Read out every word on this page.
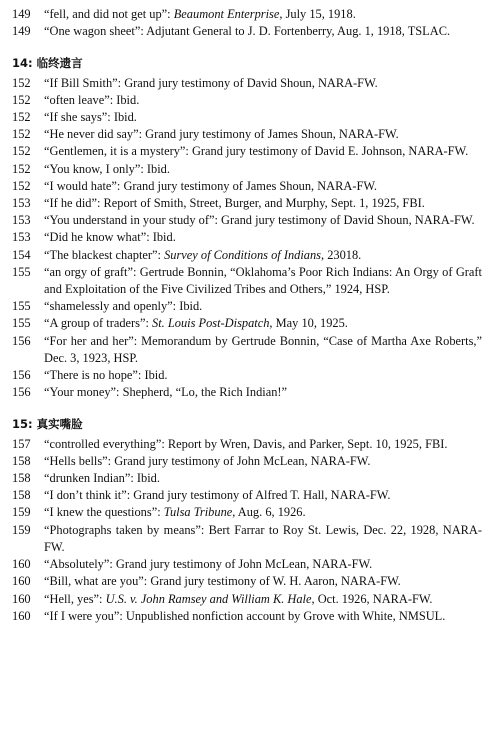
149	“fell, and did not get up”: Beaumont Enterprise, July 15, 1918.
149	“One wagon sheet”: Adjutant General to J. D. Fortenberry, Aug. 1, 1918, TSLAC.
14: 临终遗言
152	“If Bill Smith”: Grand jury testimony of David Shoun, NARA-FW.
152	“often leave”: Ibid.
152	“If she says”: Ibid.
152	“He never did say”: Grand jury testimony of James Shoun, NARA-FW.
152	“Gentlemen, it is a mystery”: Grand jury testimony of David E. Johnson, NARA-FW.
152	“You know, I only”: Ibid.
152	“I would hate”: Grand jury testimony of James Shoun, NARA-FW.
153	“If he did”: Report of Smith, Street, Burger, and Murphy, Sept. 1, 1925, FBI.
153	“You understand in your study of”: Grand jury testimony of David Shoun, NARA-FW.
153	“Did he know what”: Ibid.
154	“The blackest chapter”: Survey of Conditions of Indians, 23018.
155	“an orgy of graft”: Gertrude Bonnin, “Oklahoma’s Poor Rich Indians: An Orgy of Graft and Exploitation of the Five Civilized Tribes and Others,” 1924, HSP.
155	“shamelessly and openly”: Ibid.
155	“A group of traders”: St. Louis Post-Dispatch, May 10, 1925.
156	“For her and her”: Memorandum by Gertrude Bonnin, “Case of Martha Axe Roberts,” Dec. 3, 1923, HSP.
156	“There is no hope”: Ibid.
156	“Your money”: Shepherd, “Lo, the Rich Indian!”
15: 真实嘴脸
157	“controlled everything”: Report by Wren, Davis, and Parker, Sept. 10, 1925, FBI.
158	“Hells bells”: Grand jury testimony of John McLean, NARA-FW.
158	“drunken Indian”: Ibid.
158	“I don’t think it”: Grand jury testimony of Alfred T. Hall, NARA-FW.
159	“I knew the questions”: Tulsa Tribune, Aug. 6, 1926.
159	“Photographs taken by means”: Bert Farrar to Roy St. Lewis, Dec. 22, 1928, NARA-FW.
160	“Absolutely”: Grand jury testimony of John McLean, NARA-FW.
160	“Bill, what are you”: Grand jury testimony of W. H. Aaron, NARA-FW.
160	“Hell, yes”: U.S. v. John Ramsey and William K. Hale, Oct. 1926, NARA-FW.
160	“If I were you”: Unpublished nonfiction account by Grove with White, NMSUL.
